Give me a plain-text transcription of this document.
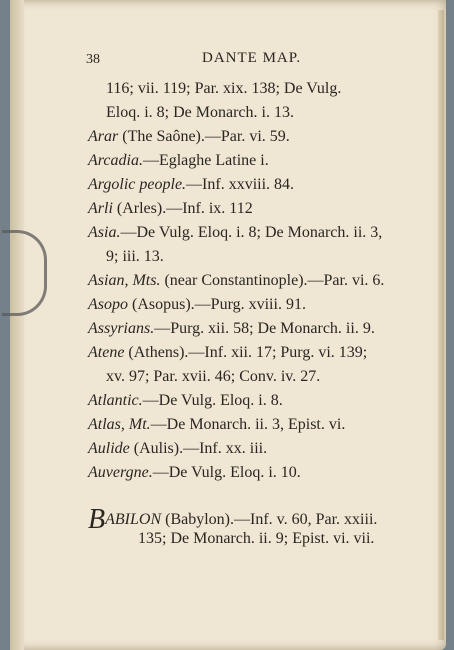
38	DANTE MAP.
116; vii. 119; Par. xix. 138; De Vulg.
Eloq. i. 8; De Monarch. i. 13.
Arar (The Saône).—Par. vi. 59.
Arcadia.—Eglaghe Latine i.
Argolic people.—Inf. xxviii. 84.
Arli (Arles).—Inf. ix. 112
Asia.—De Vulg. Eloq. i. 8; De Monarch. ii. 3,
9; iii. 13.
Asian, Mts. (near Constantinople).—Par. vi. 6.
Asopo (Asopus).—Purg. xviii. 91.
Assyrians.—Purg. xii. 58; De Monarch. ii. 9.
Atene (Athens).—Inf. xii. 17; Purg. vi. 139;
xv. 97; Par. xvii. 46; Conv. iv. 27.
Atlantic.—De Vulg. Eloq. i. 8.
Atlas, Mt.—De Monarch. ii. 3, Epist. vi.
Aulide (Aulis).—Inf. xx. iii.
Auvergne.—De Vulg. Eloq. i. 10.
BABILON (Babylon).—Inf. v. 60, Par. xxiii.
135; De Monarch. ii. 9; Epist. vi. vii.
